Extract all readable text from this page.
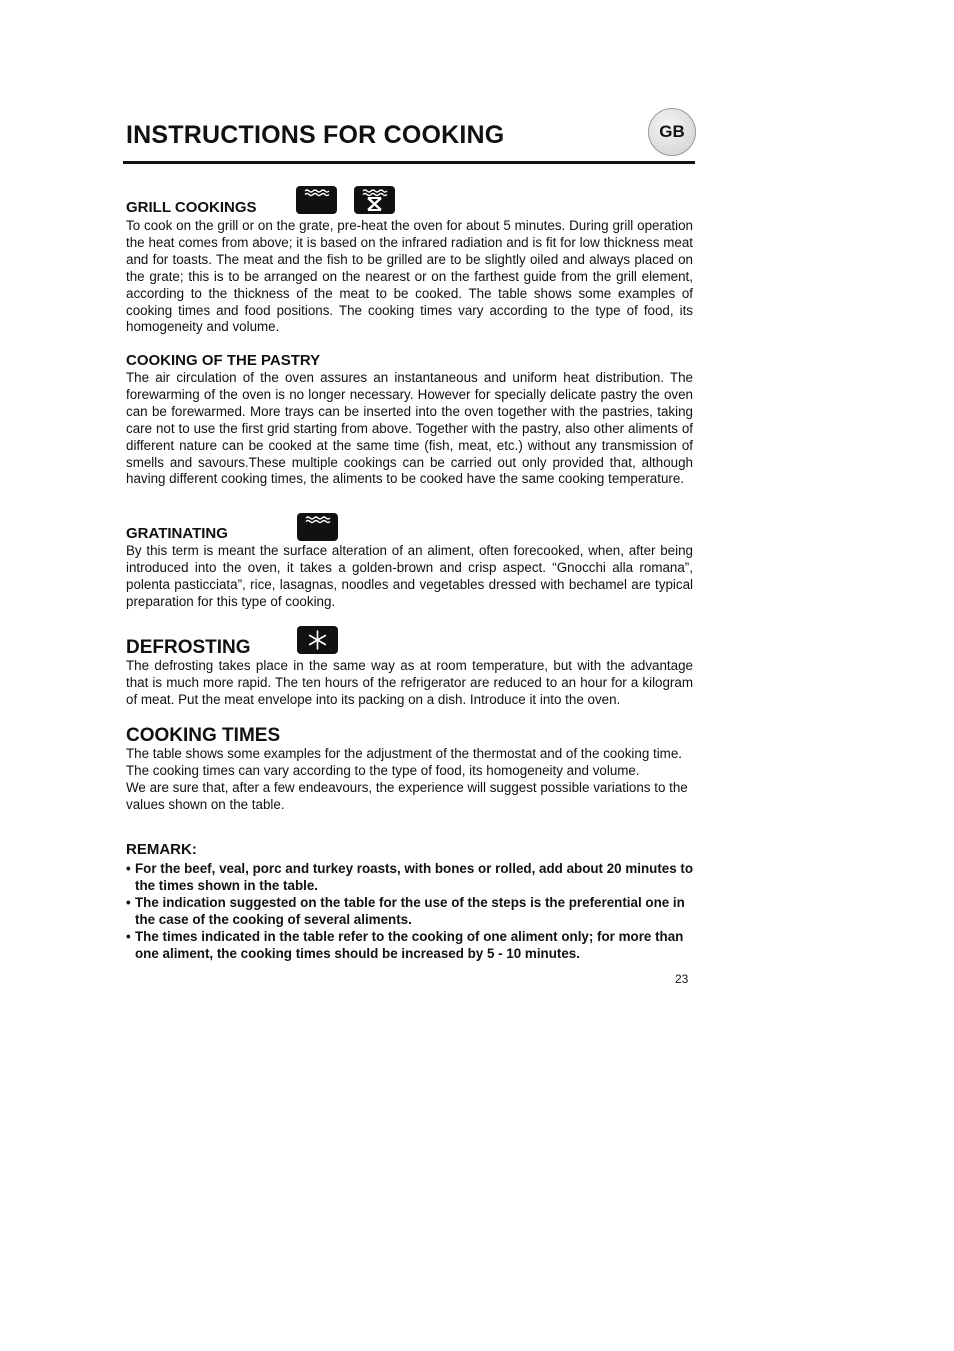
INSTRUCTIONS FOR COOKING	GB
GRILL COOKINGS

To cook on the grill or on the grate, pre-heat the oven for about 5 minutes. During grill operation the heat comes from above; it is based on the infrared radiation and is fit for low thickness meat and for toasts. The meat and the fish to be grilled are to be slightly oiled and always placed on the grate; this is to be arranged on the nearest or on the farthest guide from the grill element, according to the thickness of the meat to be cooked. The table shows some examples of cooking times and food positions. The cooking times vary according to the type of food, its homogeneity and volume.

COOKING OF THE PASTRY

The air circulation of the oven assures an instantaneous and uniform heat distribution. The forewarming of the oven is no longer necessary. However for specially delicate pastry the oven can be forewarmed. More trays can be inserted into the oven together with the pastries, taking care not to use the first grid starting from above. Together with the pastry, also other aliments of different nature can be cooked at the same time (fish, meat, etc.) without any transmission of smells and savours.These multiple cookings can be carried out only provided that, although having different cooking times, the aliments to be cooked have the same cooking temperature.

GRATINATING

By this term is meant the surface alteration of an aliment, often forecooked, when, after being introduced into the oven, it takes a golden-brown and crisp aspect. “Gnocchi alla romana”, polenta pasticciata”, rice, lasagnas, noodles and vegetables dressed with bechamel are typical preparation for this type of cooking.

DEFROSTING

The defrosting takes place in the same way as at room temperature, but with the advantage that is much more rapid. The ten hours of the refrigerator are reduced to an hour for a kilogram of meat. Put the meat envelope into its packing on a dish. Introduce it into the oven.

COOKING TIMES

The table shows some examples for the adjustment of the thermostat and of the cooking time.

The cooking times can vary according to the type of food, its homogeneity and volume.

We are sure that, after a few endeavours, the experience will suggest possible variations to the values shown on the table.

REMARK:
• For the beef, veal, porc and turkey roasts, with bones or rolled, add about 20 minutes to the times shown in the table.
• The indication suggested on the table for the use of the steps is the preferential one in the case of the cooking of several aliments.
• The times indicated in the table refer to the cooking of one aliment only; for more than one aliment, the cooking times should be increased by 5 - 10 minutes.
23
